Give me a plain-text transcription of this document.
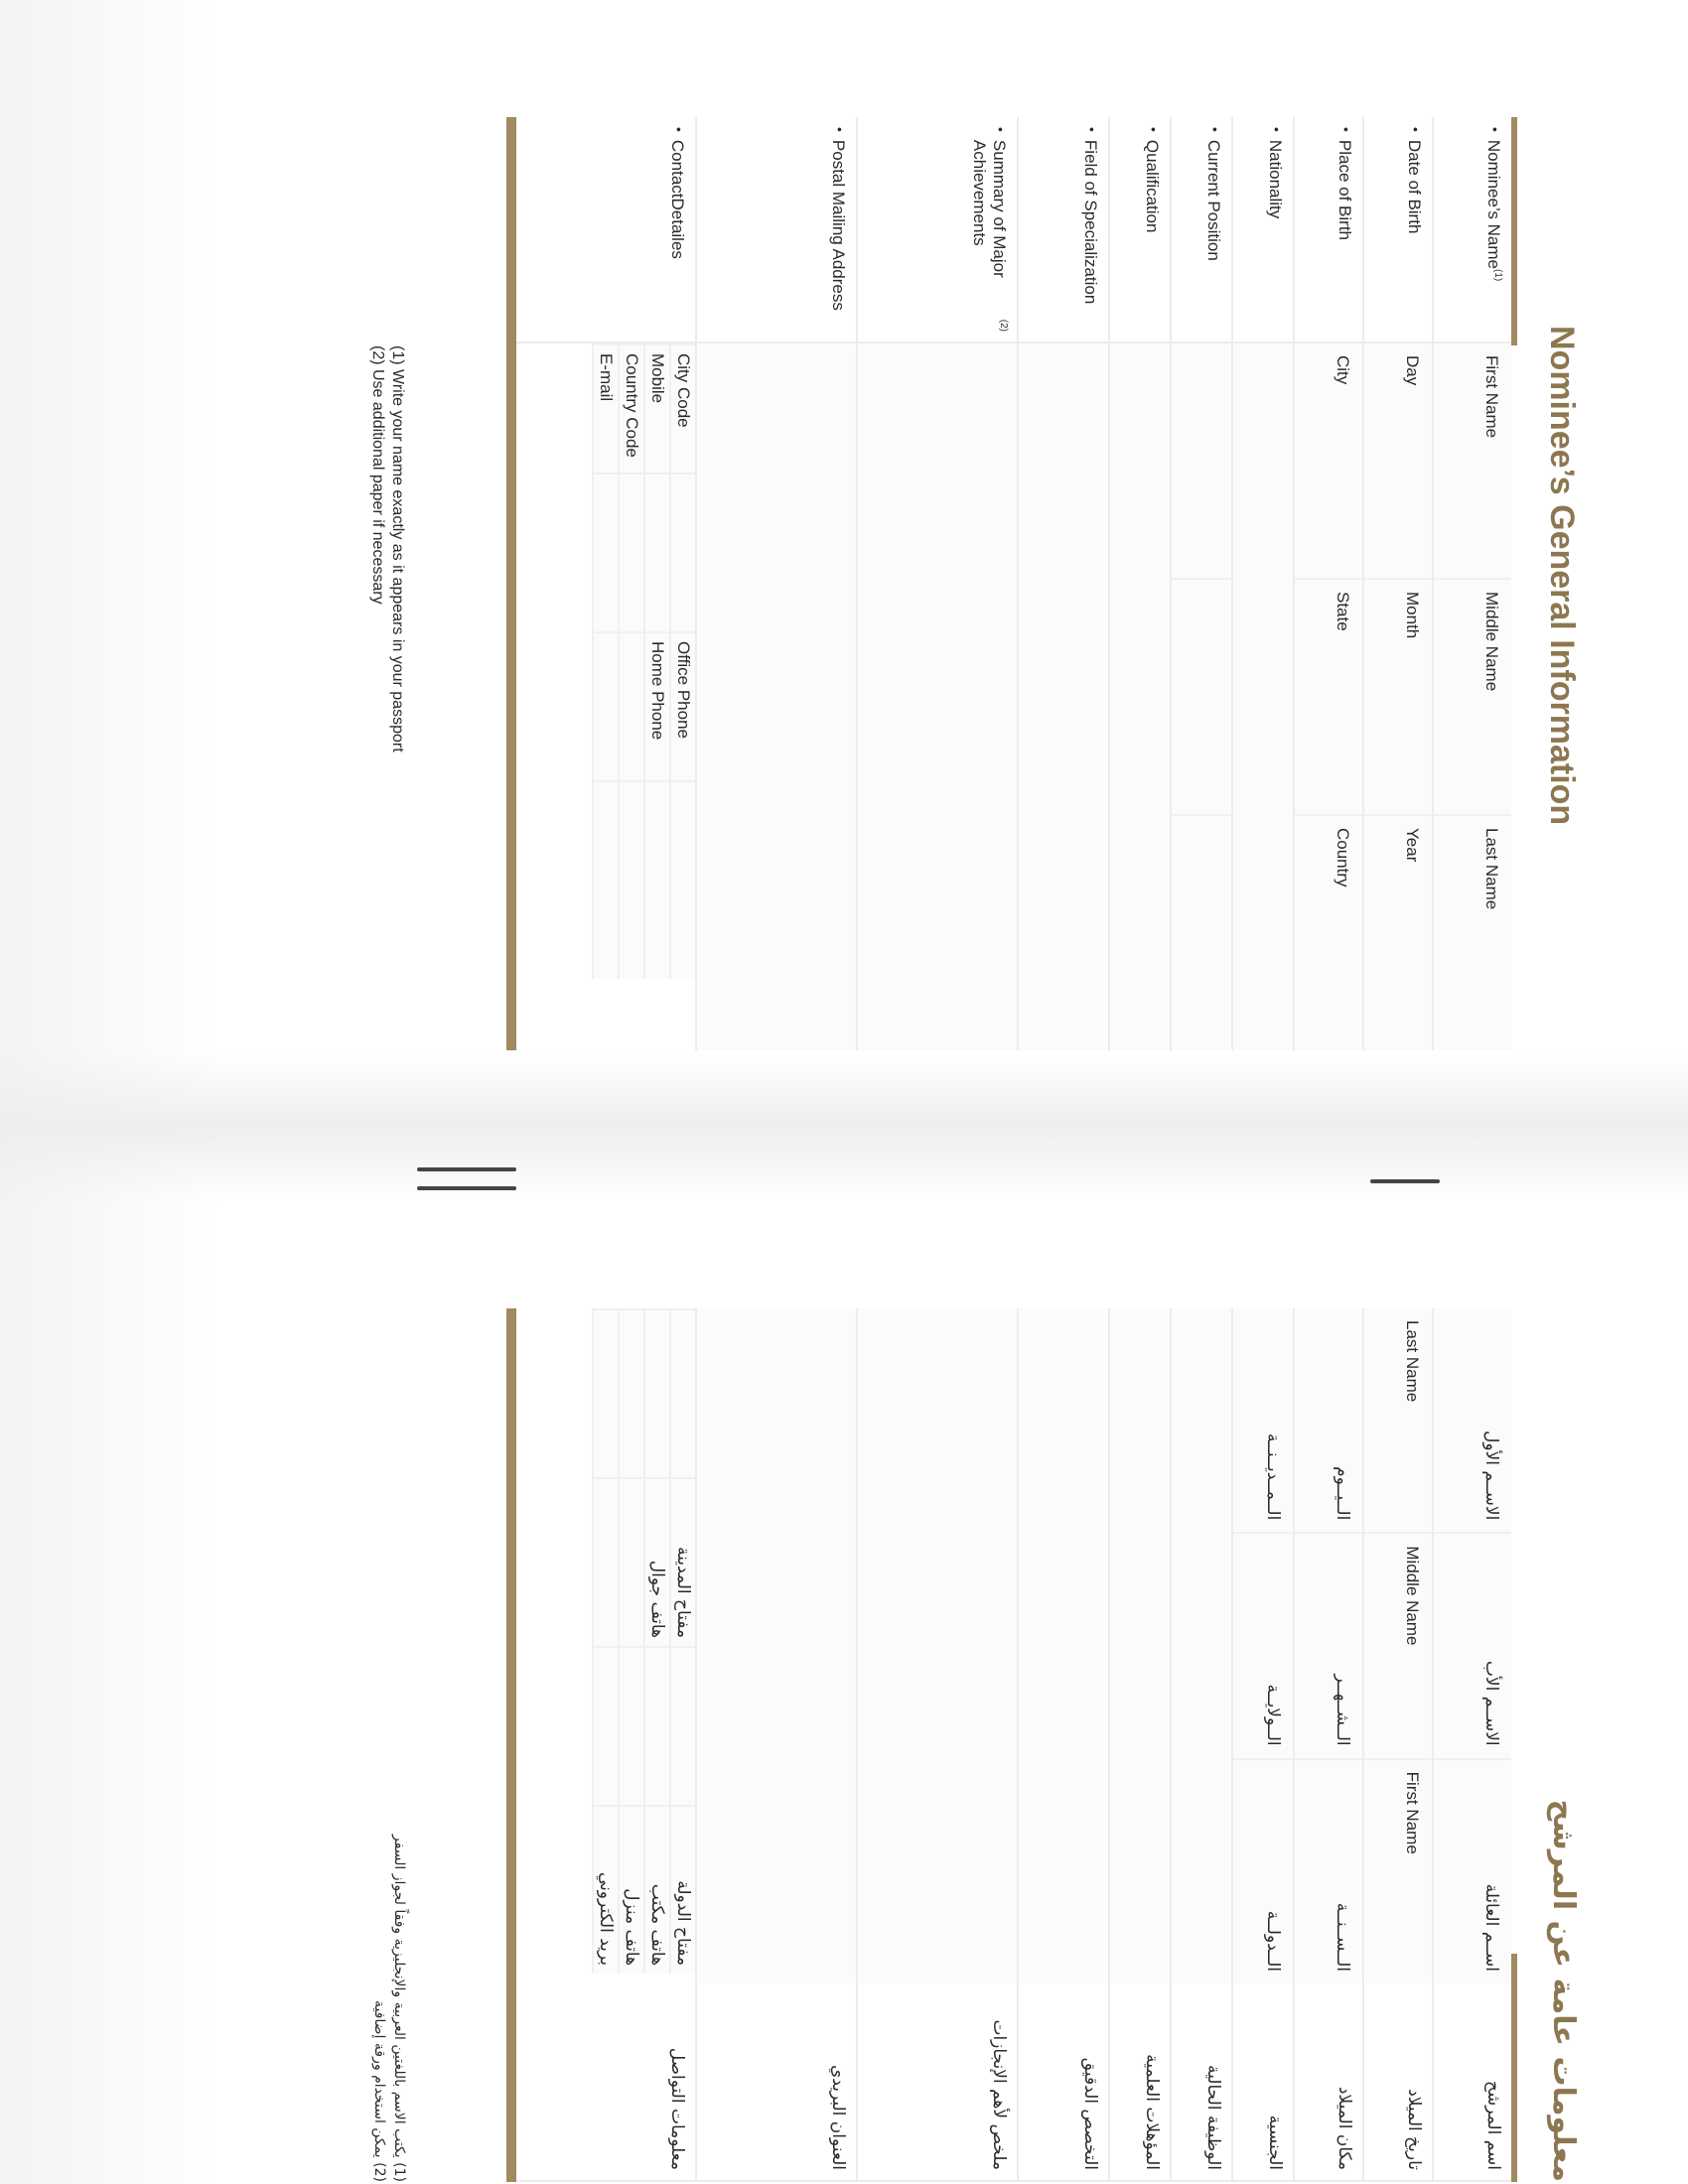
Nominee’s General Information
•
Nominee’s Name
(1)
First Name
Middle Name
Last Name
•
Date of Birth
Day
Month
Year
•
Place of Birth
City
State
Country
•
Nationality
•
Current Position
•
Qualification
•
Field of Specialization
•
Summary of Major Achievements
(2)
•
Postal Mailing Address
•
ContactDetailes
City Code
Office Phone
Mobile
Home Phone
Country Code
E-mail
(1) Write your name exactly as it appears in your passport
(2) Use additional paper if necessary
معلومات عامة عن المرشح
الاســم الأول
الاســم الأب
اســم العائلة
اسم المرشح
Last Name
Middle Name
First Name
تاريخ الميلاد
الــيــوم
الــشــهــر
الــســنــة
مكان الميلاد
الــمــديــنــة
الــولايــة
الــدولــة
الجنسية
الوظيفة الحالية
المؤهلات العلمية
التخصص الدقيق
ملخص لأهم الإنجازات
العنوان البريدي
مفتاح الدولة
مفتاح المدينة
هاتف مكتب
هاتف جوال
هاتف منزل
بريد الكتروني
معلومات التواصل
(1) يكتب الاسم باللغتين العربية والإنجليزية وفقاً لجواز السفر
(2) يمكن استخدام ورقة إضافية
